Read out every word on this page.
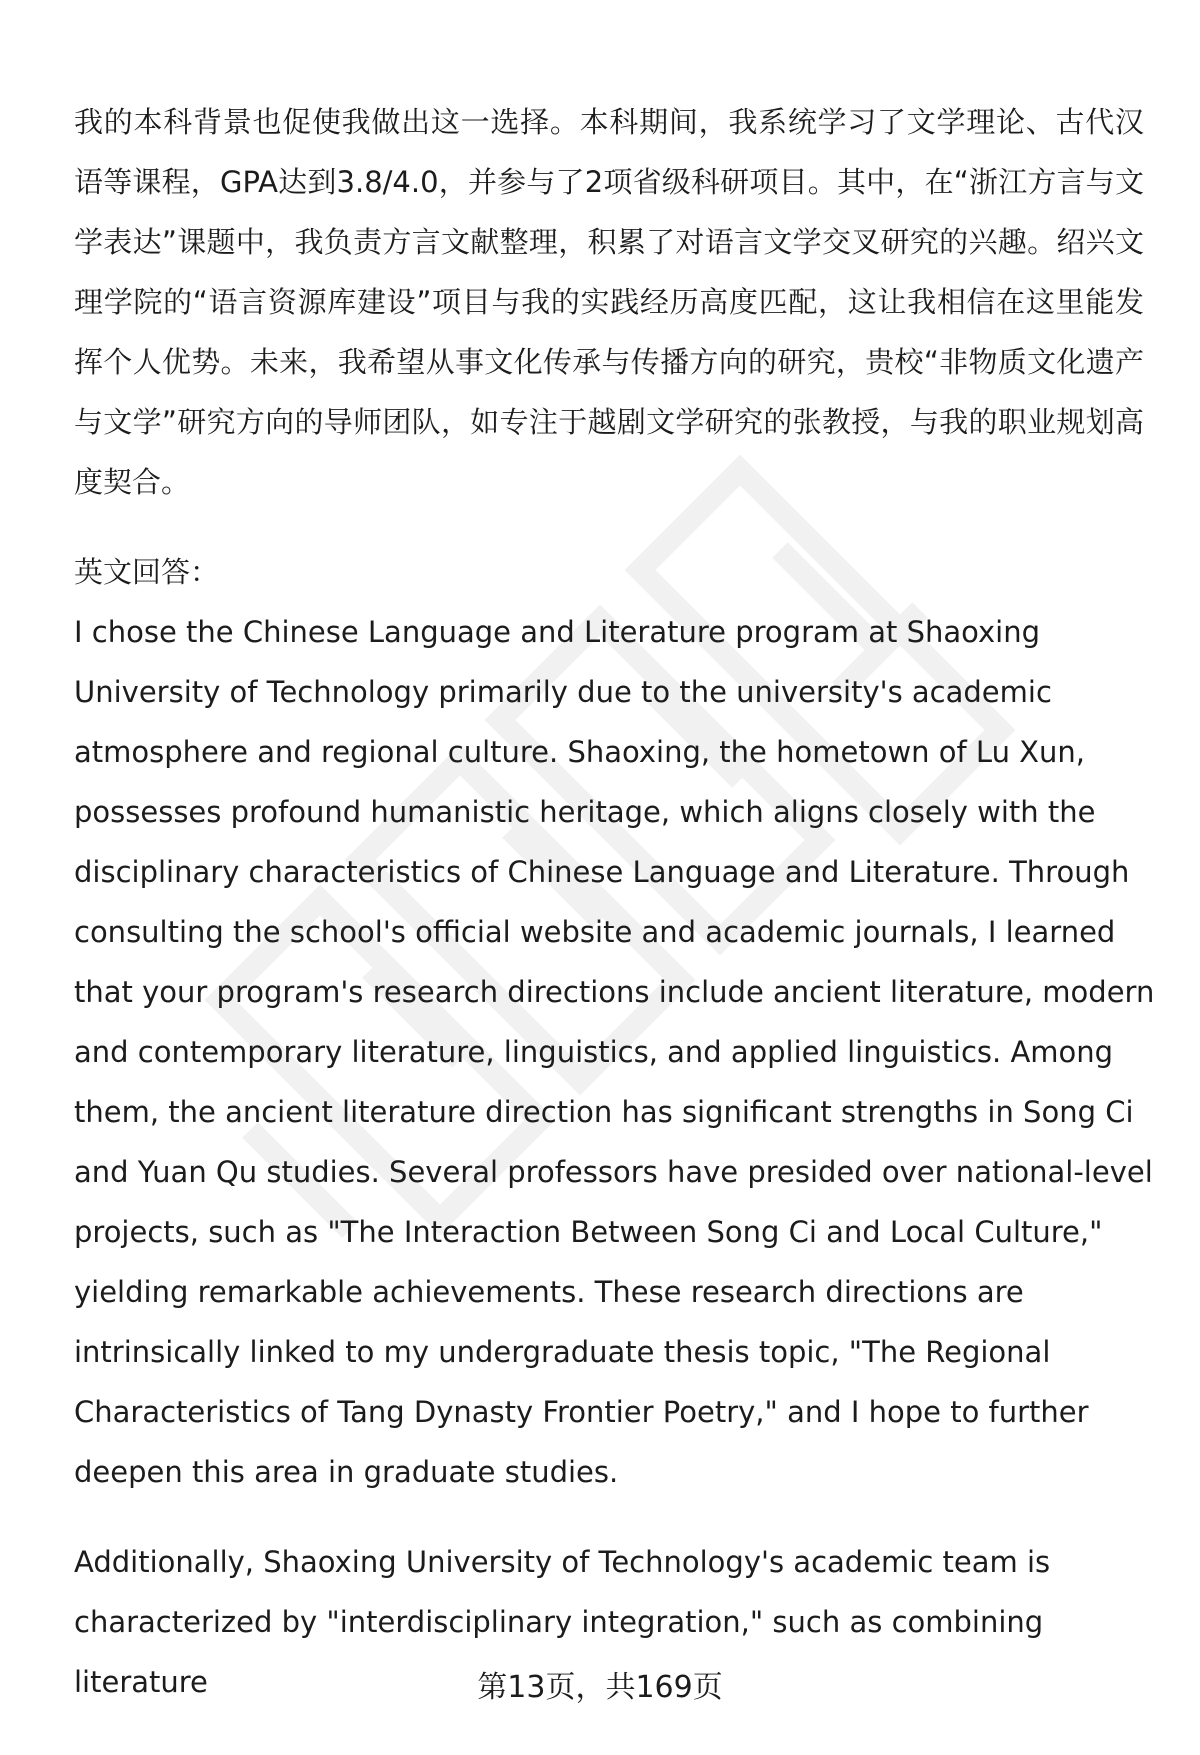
我的本科背景也促使我做出这一选择。本科期间，我系统学习了文学理论、古代汉语等课程，GPA达到3.8/4.0，并参与了2项省级科研项目。其中，在“浙江方言与文学表达”课题中，我负责方言文献整理，积累了对语言文学交叉研究的兴趣。绍兴文理学院的“语言资源库建设”项目与我的实践经历高度匹配，这让我相信在这里能发挥个人优势。未来，我希望从事文化传承与传播方向的研究，贵校“非物质文化遗产与文学”研究方向的导师团队，如专注于越剧文学研究的张教授，与我的职业规划高度契合。

英文回答：

I chose the Chinese Language and Literature program at Shaoxing University of Technology primarily due to the university's academic atmosphere and regional culture. Shaoxing, the hometown of Lu Xun, possesses profound humanistic heritage, which aligns closely with the disciplinary characteristics of Chinese Language and Literature. Through consulting the school's official website and academic journals, I learned that your program's research directions include ancient literature, modern and contemporary literature, linguistics, and applied linguistics. Among them, the ancient literature direction has significant strengths in Song Ci and Yuan Qu studies. Several professors have presided over national-level projects, such as "The Interaction Between Song Ci and Local Culture," yielding remarkable achievements. These research directions are intrinsically linked to my undergraduate thesis topic, "The Regional Characteristics of Tang Dynasty Frontier Poetry," and I hope to further deepen this area in graduate studies.

Additionally, Shaoxing University of Technology's academic team is characterized by "interdisciplinary integration," such as combining literature	第13页，共169页
